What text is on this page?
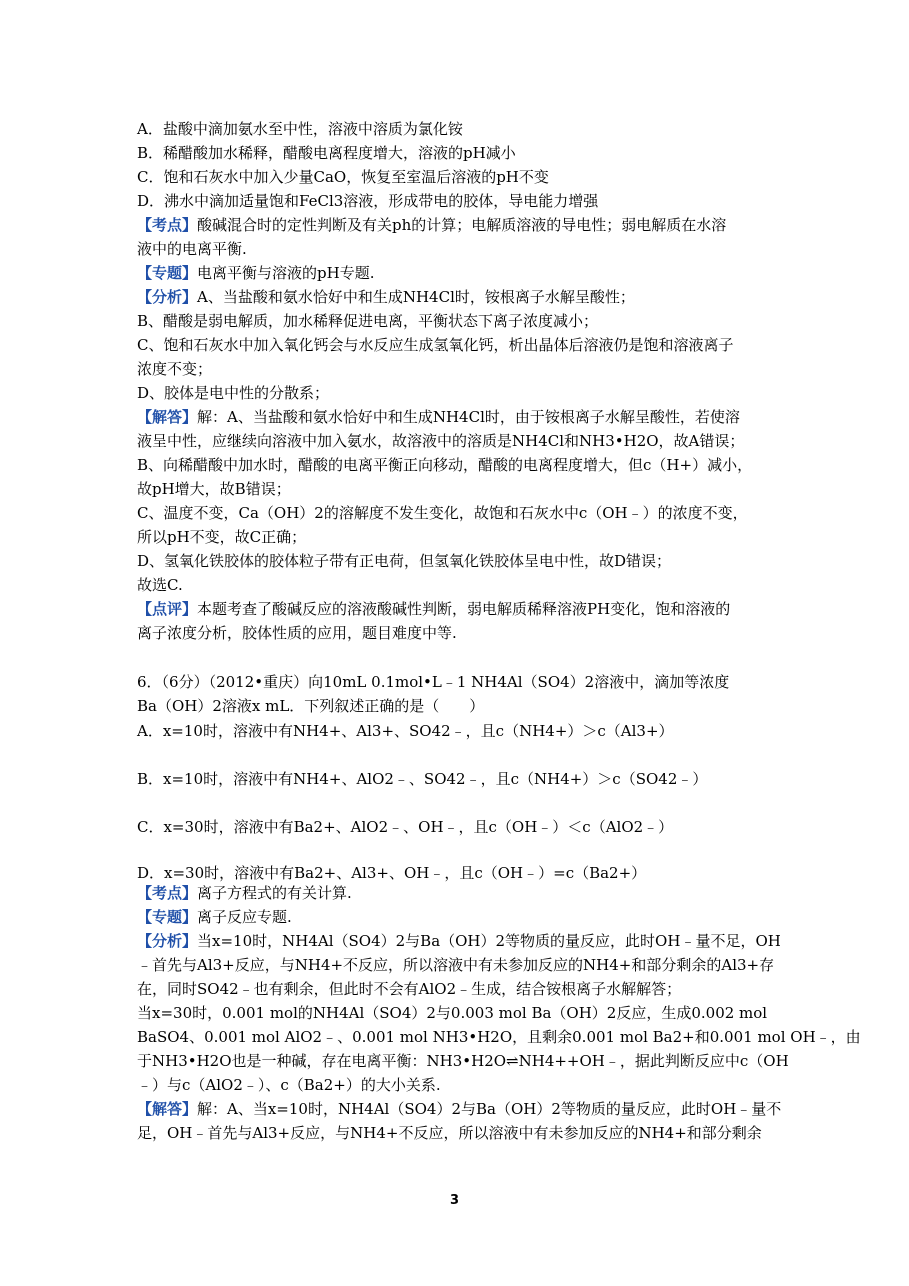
A．盐酸中滴加氨水至中性，溶液中溶质为氯化铵
B．稀醋酸加水稀释，醋酸电离程度增大，溶液的pH减小
C．饱和石灰水中加入少量CaO，恢复至室温后溶液的pH不变
D．沸水中滴加适量饱和FeCl3溶液，形成带电的胶体，导电能力增强
【考点】酸碱混合时的定性判断及有关ph的计算；电解质溶液的导电性；弱电解质在水溶
液中的电离平衡.
【专题】电离平衡与溶液的pH专题.
【分析】A、当盐酸和氨水恰好中和生成NH4Cl时，铵根离子水解呈酸性；
B、醋酸是弱电解质，加水稀释促进电离，平衡状态下离子浓度减小；
C、饱和石灰水中加入氧化钙会与水反应生成氢氧化钙，析出晶体后溶液仍是饱和溶液离子
浓度不变；
D、胶体是电中性的分散系；
【解答】解：A、当盐酸和氨水恰好中和生成NH4Cl时，由于铵根离子水解呈酸性，若使溶
液呈中性，应继续向溶液中加入氨水，故溶液中的溶质是NH4Cl和NH3•H2O，故A错误；
B、向稀醋酸中加水时，醋酸的电离平衡正向移动，醋酸的电离程度增大，但c（H+）减小，
故pH增大，故B错误；
C、温度不变，Ca（OH）2的溶解度不发生变化，故饱和石灰水中c（OH﹣）的浓度不变，
所以pH不变，故C正确；
D、氢氧化铁胶体的胶体粒子带有正电荷，但氢氧化铁胶体呈电中性，故D错误；
故选C.
【点评】本题考查了酸碱反应的溶液酸碱性判断，弱电解质稀释溶液PH变化，饱和溶液的
离子浓度分析，胶体性质的应用，题目难度中等.
6．（6分）（2012•重庆）向10mL 0.1mol•L﹣1 NH4Al（SO4）2溶液中，滴加等浓度
Ba（OH）2溶液x mL．下列叙述正确的是（　　）
A．x=10时，溶液中有NH4+、Al3+、SO42﹣，且c（NH4+）＞c（Al3+）
B．x=10时，溶液中有NH4+、AlO2﹣、SO42﹣，且c（NH4+）＞c（SO42﹣）
C．x=30时，溶液中有Ba2+、AlO2﹣、OH﹣，且c（OH﹣）＜c（AlO2﹣）
D．x=30时，溶液中有Ba2+、Al3+、OH﹣，且c（OH﹣）=c（Ba2+）
【考点】离子方程式的有关计算.
【专题】离子反应专题.
【分析】当x=10时，NH4Al（SO4）2与Ba（OH）2等物质的量反应，此时OH﹣量不足，OH
﹣首先与Al3+反应，与NH4+不反应，所以溶液中有未参加反应的NH4+和部分剩余的Al3+存
在，同时SO42﹣也有剩余，但此时不会有AlO2﹣生成，结合铵根离子水解解答；
当x=30时，0.001 mol的NH4Al（SO4）2与0.003 mol Ba（OH）2反应，生成0.002 mol
BaSO4、0.001 mol AlO2﹣、0.001 mol NH3•H2O，且剩余0.001 mol Ba2+和0.001 mol OH﹣，由
于NH3•H2O也是一种碱，存在电离平衡：NH3•H2O⇌NH4++OH﹣，据此判断反应中c（OH
﹣）与c（AlO2﹣）、c（Ba2+）的大小关系.
【解答】解：A、当x=10时，NH4Al（SO4）2与Ba（OH）2等物质的量反应，此时OH﹣量不
足，OH﹣首先与Al3+反应，与NH4+不反应，所以溶液中有未参加反应的NH4+和部分剩余
3
